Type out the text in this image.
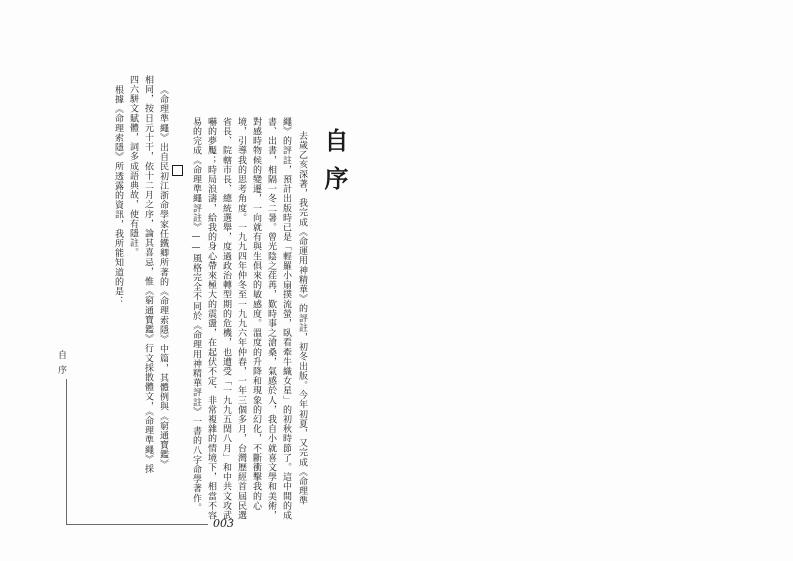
自
序
去歲乙亥深著，我完成《命運用神精華》的評註，初冬出版。今年初夏，又完成《命理準
繩》的評註，預計出版時已是「輕羅小扇撲流螢，臥看牽牛織女星」的初秋時節了。這中間的成
書、出書，相隔一冬二暑。曾光陰之荏苒，歎時事之滄桑，氣感於人，我自小就喜文學和美術，
對感時物候的變遷，一向就有與生俱來的敏感度。溫度的升降和現象的幻化，不斷衝擊我的心
境，引導我的思考角度。一九九四年仲冬至一九九六年仲春，一年三個多月，台灣歷經首屆民選
省長、院轄市長、總統選舉，度過政治轉型期的危機，也遭受「一九九五閏八月」和中共文攻武
嚇的夢魘；時局浪濤，給我的身心帶來極大的震盪，在起伏不定、非常複雜的情境下，相當不容
易的完成《命理準繩評註》——風格完全不同於《命理用神精華評註》一書的八字命學著作。
《命理準繩》出自民初江浙命學家任鐵卿所著的《命理索隱》中篇，其體例與《窮通寶鑑》
相同，按日元十干，依十二月之序，論其喜忌，惟《窮通寶鑑》行文採散體文，《命理準繩》採
四六駢文賦體，詞多成語典故，使有隱註。
根據《命理索隱》所透露的資訊，我所能知道的是：
自序
003
